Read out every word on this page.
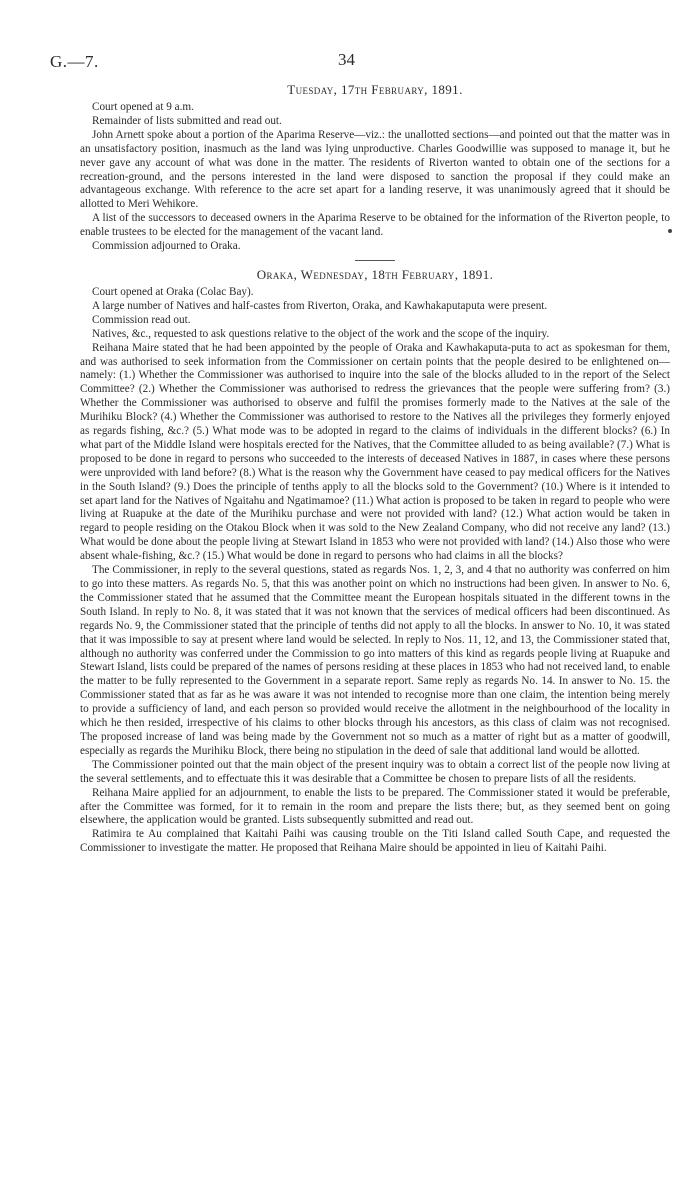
G.—7.	34
Tuesday, 17th February, 1891.

Court opened at 9 a.m.

Remainder of lists submitted and read out.

John Arnett spoke about a portion of the Aparima Reserve—viz.: the unallotted sections—and pointed out that the matter was in an unsatisfactory position, inasmuch as the land was lying unproductive. Charles Goodwillie was supposed to manage it, but he never gave any account of what was done in the matter. The residents of Riverton wanted to obtain one of the sections for a recreation-ground, and the persons interested in the land were disposed to sanction the proposal if they could make an advantageous exchange. With reference to the acre set apart for a landing reserve, it was unanimously agreed that it should be allotted to Meri Wehikore.

A list of the successors to deceased owners in the Aparima Reserve to be obtained for the information of the Riverton people, to enable trustees to be elected for the management of the vacant land.

Commission adjourned to Oraka.

Oraka, Wednesday, 18th February, 1891.

Court opened at Oraka (Colac Bay).

A large number of Natives and half-castes from Riverton, Oraka, and Kawhakaputaputa were present.

Commission read out.

Natives, &c., requested to ask questions relative to the object of the work and the scope of the inquiry.

Reihana Maire stated that he had been appointed by the people of Oraka and Kawhakaputa-puta to act as spokesman for them, and was authorised to seek information from the Commissioner on certain points that the people desired to be enlightened on—namely: (1.) Whether the Commissioner was authorised to inquire into the sale of the blocks alluded to in the report of the Select Committee? (2.) Whether the Commissioner was authorised to redress the grievances that the people were suffering from? (3.) Whether the Commissioner was authorised to observe and fulfil the promises formerly made to the Natives at the sale of the Murihiku Block? (4.) Whether the Commissioner was authorised to restore to the Natives all the privileges they formerly enjoyed as regards fishing, &c.? (5.) What mode was to be adopted in regard to the claims of individuals in the different blocks? (6.) In what part of the Middle Island were hospitals erected for the Natives, that the Committee alluded to as being available? (7.) What is proposed to be done in regard to persons who succeeded to the interests of deceased Natives in 1887, in cases where these persons were unprovided with land before? (8.) What is the reason why the Government have ceased to pay medical officers for the Natives in the South Island? (9.) Does the principle of tenths apply to all the blocks sold to the Government? (10.) Where is it intended to set apart land for the Natives of Ngaitahu and Ngatimamoe? (11.) What action is proposed to be taken in regard to people who were living at Ruapuke at the date of the Murihiku purchase and were not provided with land? (12.) What action would be taken in regard to people residing on the Otakou Block when it was sold to the New Zealand Company, who did not receive any land? (13.) What would be done about the people living at Stewart Island in 1853 who were not provided with land? (14.) Also those who were absent whale-fishing, &c.? (15.) What would be done in regard to persons who had claims in all the blocks?

The Commissioner, in reply to the several questions, stated as regards Nos. 1, 2, 3, and 4 that no authority was conferred on him to go into these matters. As regards No. 5, that this was another point on which no instructions had been given. In answer to No. 6, the Commissioner stated that he assumed that the Committee meant the European hospitals situated in the different towns in the South Island. In reply to No. 8, it was stated that it was not known that the services of medical officers had been discontinued. As regards No. 9, the Commissioner stated that the principle of tenths did not apply to all the blocks. In answer to No. 10, it was stated that it was impossible to say at present where land would be selected. In reply to Nos. 11, 12, and 13, the Commissioner stated that, although no authority was conferred under the Commission to go into matters of this kind as regards people living at Ruapuke and Stewart Island, lists could be prepared of the names of persons residing at these places in 1853 who had not received land, to enable the matter to be fully represented to the Government in a separate report. Same reply as regards No. 14. In answer to No. 15. the Commissioner stated that as far as he was aware it was not intended to recognise more than one claim, the intention being merely to provide a sufficiency of land, and each person so provided would receive the allotment in the neighbourhood of the locality in which he then resided, irrespective of his claims to other blocks through his ancestors, as this class of claim was not recognised. The proposed increase of land was being made by the Government not so much as a matter of right but as a matter of goodwill, especially as regards the Murihiku Block, there being no stipulation in the deed of sale that additional land would be allotted.

The Commissioner pointed out that the main object of the present inquiry was to obtain a correct list of the people now living at the several settlements, and to effectuate this it was desirable that a Committee be chosen to prepare lists of all the residents.

Reihana Maire applied for an adjournment, to enable the lists to be prepared. The Commissioner stated it would be preferable, after the Committee was formed, for it to remain in the room and prepare the lists there; but, as they seemed bent on going elsewhere, the application would be granted. Lists subsequently submitted and read out.

Ratimira te Au complained that Kaitahi Paihi was causing trouble on the Titi Island called South Cape, and requested the Commissioner to investigate the matter. He proposed that Reihana Maire should be appointed in lieu of Kaitahi Paihi.
